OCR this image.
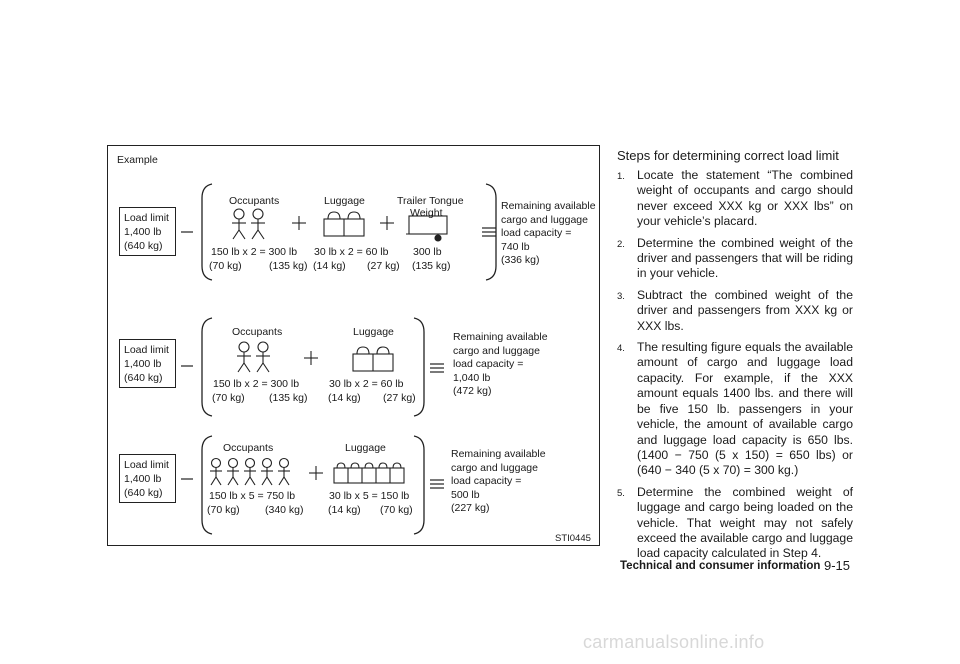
Example
Load limit
1,400 lb
(640 kg)
Occupants	Luggage	Trailer Tongue
Weight
150 lb x 2 = 300 lb
(70 kg)	(135 kg)
30 lb x 2 = 60 lb
(14 kg) (27 kg)
300 lb
(135 kg)
Remaining available
cargo and luggage
load capacity =
740 lb
(336 kg)
Load limit
1,400 lb
(640 kg)
Occupants	Luggage
150 lb x 2 = 300 lb
(70 kg) (135 kg)
30 lb x 2 = 60 lb
(14 kg) (27 kg)
Remaining available
cargo and luggage
load capacity =
1,040 lb
(472 kg)
Load limit
1,400 lb
(640 kg)
Occupants	Luggage
150 lb x 5 = 750 lb
(70 kg) (340 kg)
30 lb x 5 = 150 lb
(14 kg) (70 kg)
Remaining available
cargo and luggage
load capacity =
500 lb
(227 kg)
STI0445
Steps for determining correct load limit
1. Locate the statement “The combined weight of occupants and cargo should never exceed XXX kg or XXX lbs” on your vehicle’s placard.
2. Determine the combined weight of the driver and passengers that will be riding in your vehicle.
3. Subtract the combined weight of the driver and passengers from XXX kg or XXX lbs.
4. The resulting figure equals the available amount of cargo and luggage load capacity. For example, if the XXX amount equals 1400 lbs. and there will be five 150 lb. passengers in your vehicle, the amount of available cargo and luggage load capacity is 650 lbs. (1400 − 750 (5 x 150) = 650 lbs) or (640 − 340 (5 x 70) = 300 kg.)
5. Determine the combined weight of luggage and cargo being loaded on the vehicle. That weight may not safely exceed the available cargo and luggage load capacity calculated in Step 4.
Technical and consumer information 9-15
carmanualsonline.info
